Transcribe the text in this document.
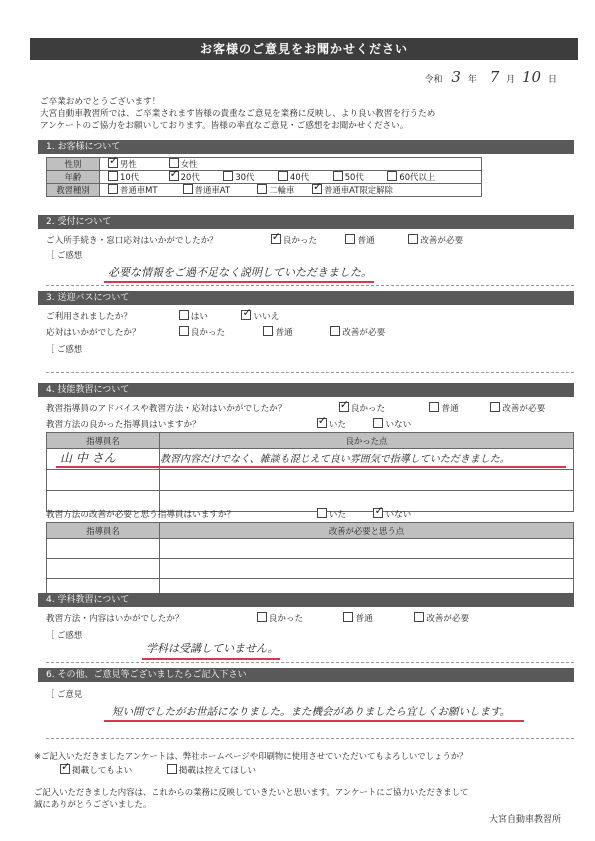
お客様のご意見をお聞かせください
令和 3 年 7 月 10 日
ご卒業おめでとうございます！
大宮自動車教習所では、ご卒業されます皆様の貴重なご意見を業務に反映し、より良い教習を行うため
アンケートのご協力をお願いしております。皆様の率直なご意見・ご感想をお聞かせください。
1. お客様について
性別	✓男性 女性
年齢	10代 ✓ 20代 30代 40代 50代 60代以上
教習種別	普通車MT 普通車AT 二輪車 ✓ 普通車AT限定解除
2. 受付について
ご入所手続き・窓口応対はいかがでしたか？ ✓	良かった	普通	改善が必要
［ ご感想
必要な情報をご過不足なく説明していただきました。
3. 送迎バスについて
ご利用されましたか？	はい ✓	いいえ
応対はいかがでしたか？	良かった	普通	改善が必要
［ ご感想
4. 技能教習について
教習指導員のアドバイスや教習方法・応対はいかがでしたか？ ✓	良かった	普通	改善が必要
教習方法の良かった指導員はいますか？ ✓	いた	いない
指導員名	良かった点

山 中 さん	教習内容だけでなく、雑談も混じえて良い雰囲気で指導していただきました。
教習方法の改善が必要と思う指導員はいますか？	いた ✓	いない
指導員名	改善が必要と思う点

4. 学科教習について
教習方法・内容はいかがでしたか？	良かった	普通	改善が必要
［ ご感想
学科は受講していません。
6. その他、ご意見等ございましたらご記入下さい
［ ご意見
短い間でしたがお世話になりました。また機会がありましたら宜しくお願いします。
※ご記入いただきましたアンケートは、弊社ホームページや印刷物に使用させていただいてもよろしいでしょうか？
✓掲載してもよい	掲載は控えてほしい
ご記入いただきました内容は、これからの業務に反映していきたいと思います。アンケートにご協力いただきまして
誠にありがとうございました。
大宮自動車教習所
